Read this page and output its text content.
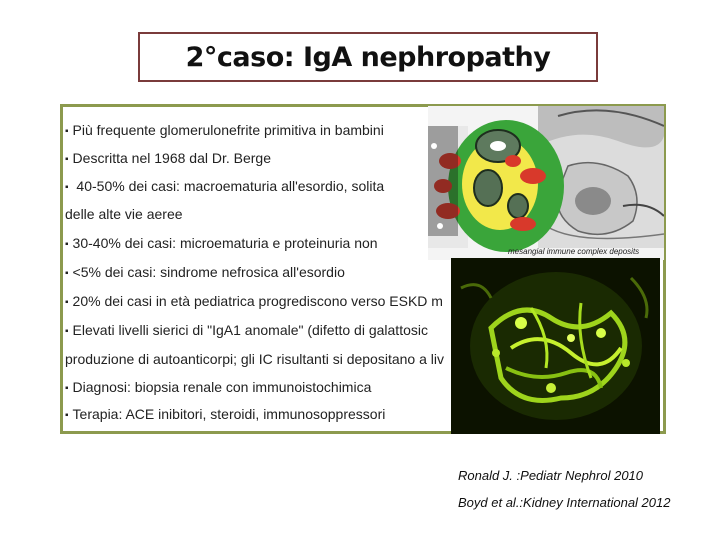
2°caso: IgA nephropathy
▪ Più frequente glomerulonefrite primitiva in bambini
▪ Descritta nel 1968 dal Dr. Berge
▪ 40-50% dei casi: macroematuria all'esordio, solita
delle alte vie aeree
▪ 30-40% dei casi: microematuria e proteinuria non
▪ <5% dei casi: sindrome nefrosica all'esordio
▪ 20% dei casi in età pediatrica progrediscono verso ESKD m
▪ Elevati livelli sierici di "IgA1 anomale" (difetto di galattosic
produzione di autoanticorpi; gli IC risultanti si depositano a liv
▪ Diagnosi: biopsia renale con immunoistochimica
▪ Terapia: ACE inibitori, steroidi, immunosoppressori
mesangial immune complex deposits
Ronald J. :Pediatr Nephrol 2010
Boyd et al.:Kidney International 2012
